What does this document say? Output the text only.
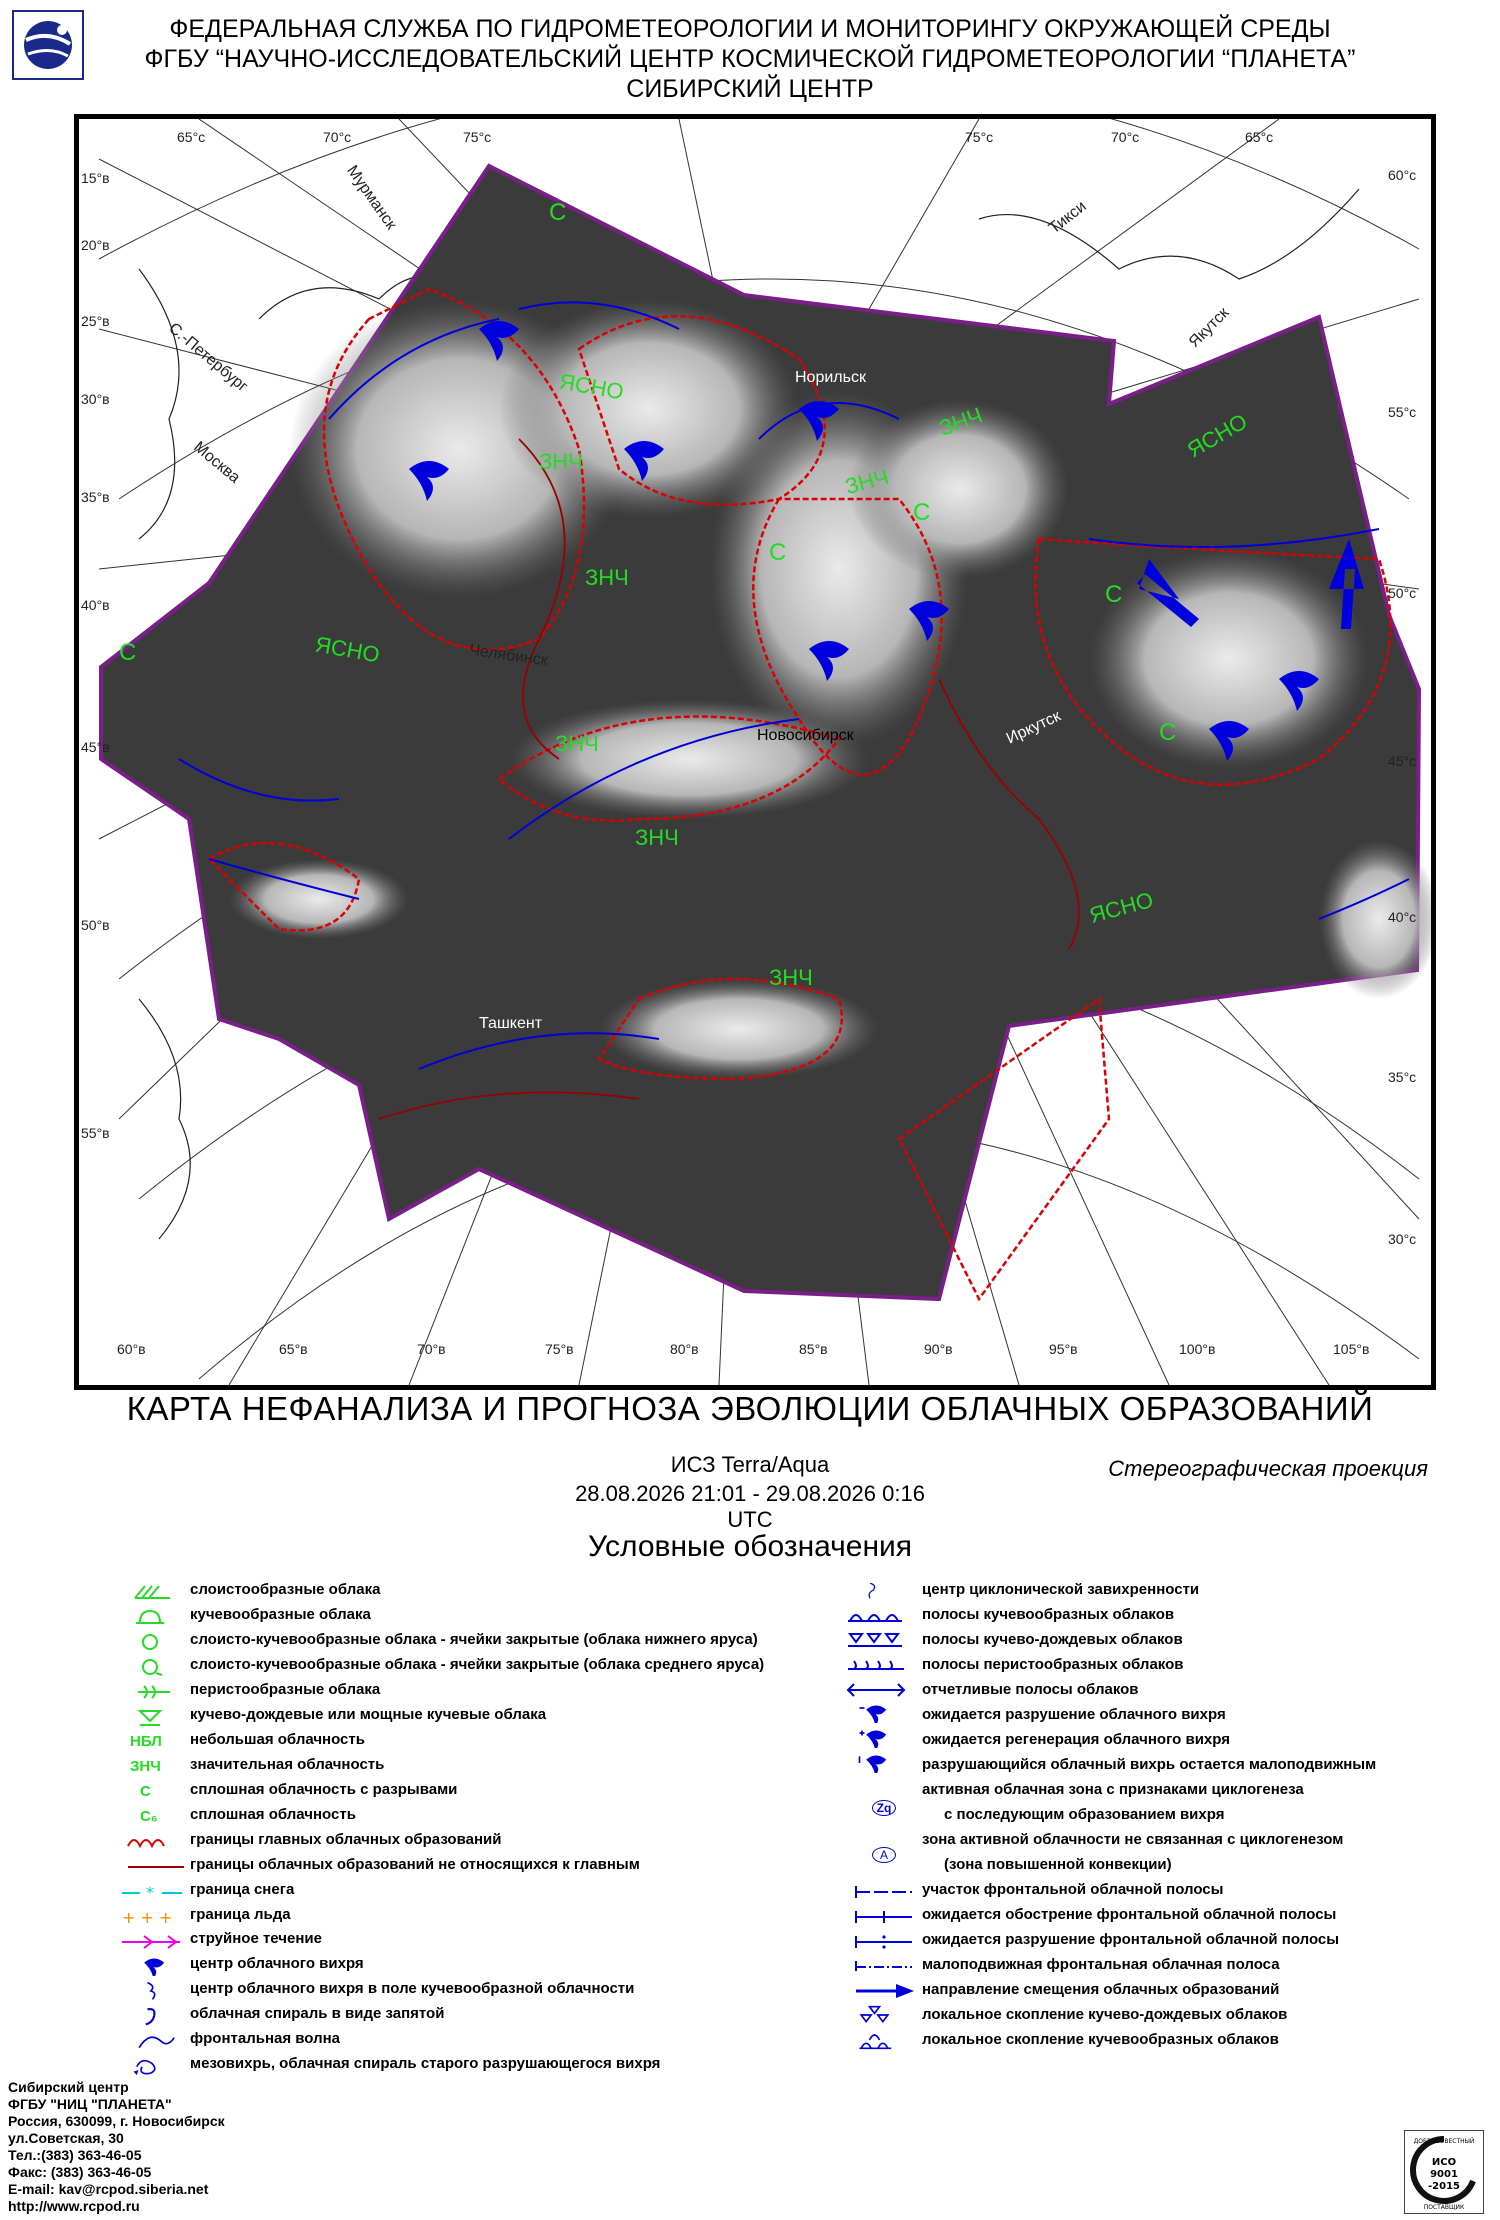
ФЕДЕРАЛЬНАЯ СЛУЖБА ПО ГИДРОМЕТЕОРОЛОГИИ И МОНИТОРИНГУ ОКРУЖАЮЩЕЙ СРЕДЫ
ФГБУ “НАУЧНО-ИССЛЕДОВАТЕЛЬСКИЙ ЦЕНТР КОСМИЧЕСКОЙ ГИДРОМЕТЕОРОЛОГИИ “ПЛАНЕТА”
СИБИРСКИЙ ЦЕНТР
65°с	70°с	75°с	75°с	70°с	65°с
15°в
20°в
25°в
30°в
35°в
40°в
45°в
50°в
55°в
60°с
55°с
50°с
45°с
40°с
35°с
30°с
60°в	65°в	70°в	75°в	80°в	85°в	90°в	95°в	100°в	105°в
Мурманск
С.-Петербург
Москва
Челябинск
Новосибирск
Норильск
Иркутск
Якутск
Тикси
Ташкент
ЯСНО
ЯСНО
ЯСНО
ЯСНО
ЗНЧ
ЗНЧ
ЗНЧ
ЗНЧ
ЗНЧ
ЗНЧ
ЗНЧ
С
С
С
С
С
С
КАРТА НЕФАНАЛИЗА И ПРОГНОЗА ЭВОЛЮЦИИ ОБЛАЧНЫХ ОБРАЗОВАНИЙ
ИСЗ Terra/Aqua
28.08.2026 21:01 - 29.08.2026 0:16 UTC
Стереографическая проекция
Условные обозначения
слоистообразные облака
кучевообразные облака
слоисто-кучевообразные облака - ячейки закрытые (облака нижнего яруса)
слоисто-кучевообразные облака - ячейки закрытые (облака среднего яруса)
перистообразные облака
кучево-дождевые или мощные кучевые облака
небольшая облачность
значительная облачность
сплошная облачность с разрывами
сплошная облачность
границы главных облачных образований
границы облачных образований не относящихся к главным
граница снега
граница льда
струйное течение
центр облачного вихря
центр облачного вихря в поле кучевообразной облачности
облачная спираль в виде запятой
фронтальная волна
мезовихрь, облачная спираль старого разрушающегося вихря
центр циклонической завихренности
полосы кучевообразных облаков
полосы кучево-дождевых облаков
полосы перистообразных облаков
отчетливые полосы облаков
ожидается разрушение облачного вихря
ожидается регенерация облачного вихря
разрушающийся облачный вихрь остается малоподвижным
активная облачная зона с признаками циклогенеза
с последующим образованием вихря
зона активной облачности не связанная с циклогенезом
(зона повышенной конвекции)
участок фронтальной облачной полосы
ожидается обострение фронтальной облачной полосы
ожидается разрушение фронтальной облачной полосы
малоподвижная фронтальная облачная полоса
направление смещения облачных образований
локальное скопление кучево-дождевых облаков
локальное скопление кучевообразных облаков
НБЛ
ЗНЧ
С
С₆
*
+ + +
Zq
A
Сибирский центр
ФГБУ "НИЦ "ПЛАНЕТА"
Россия, 630099, г. Новосибирск
ул.Советская, 30
Тел.:(383) 363-46-05
Факс: (383) 363-46-05
E-mail: kav@rcpod.siberia.net
http://www.rcpod.ru
ДОБРОСОВЕСТНЫЙ
ИСО
9001
-2015
ПОСТАВЩИК
